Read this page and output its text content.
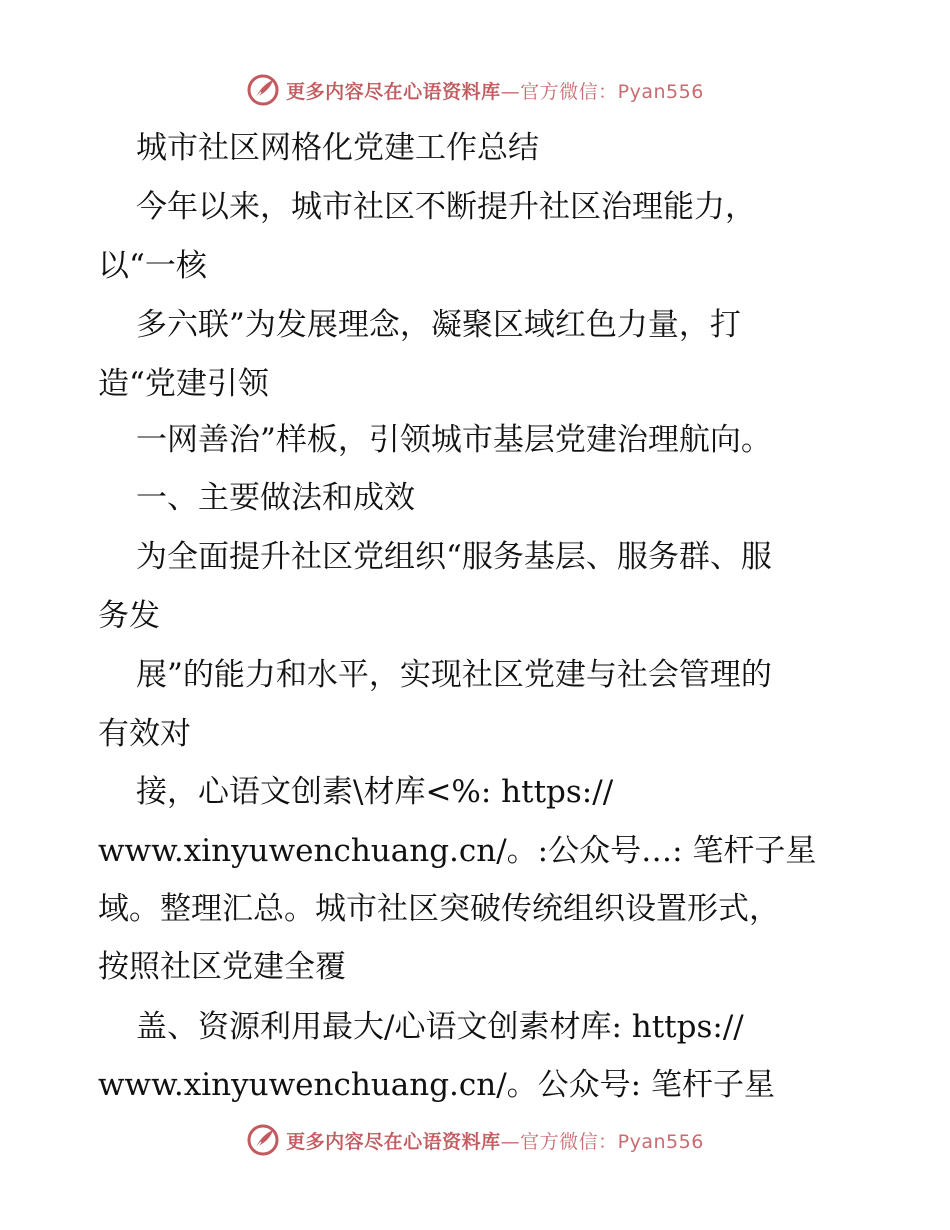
更多内容尽在心语资料库—官方微信：Pyan556
城市社区网格化党建工作总结
今年以来，城市社区不断提升社区治理能力，
以“一核
多六联”为发展理念，凝聚区域红色力量，打
造“党建引领
一网善治”样板，引领城市基层党建治理航向。
一、主要做法和成效
为全面提升社区党组织“服务基层、服务群、服
务发
展”的能力和水平，实现社区党建与社会管理的
有效对
接，心语文创素\材库<%: https://
www.xinyuwenchuang.cn/。:公众号…: 笔杆子星
域。整理汇总。城市社区突破传统组织设置形式，
按照社区党建全覆
盖、资源利用最大/心语文创素材库: https://
www.xinyuwenchuang.cn/。公众号: 笔杆子星
更多内容尽在心语资料库—官方微信：Pyan556
